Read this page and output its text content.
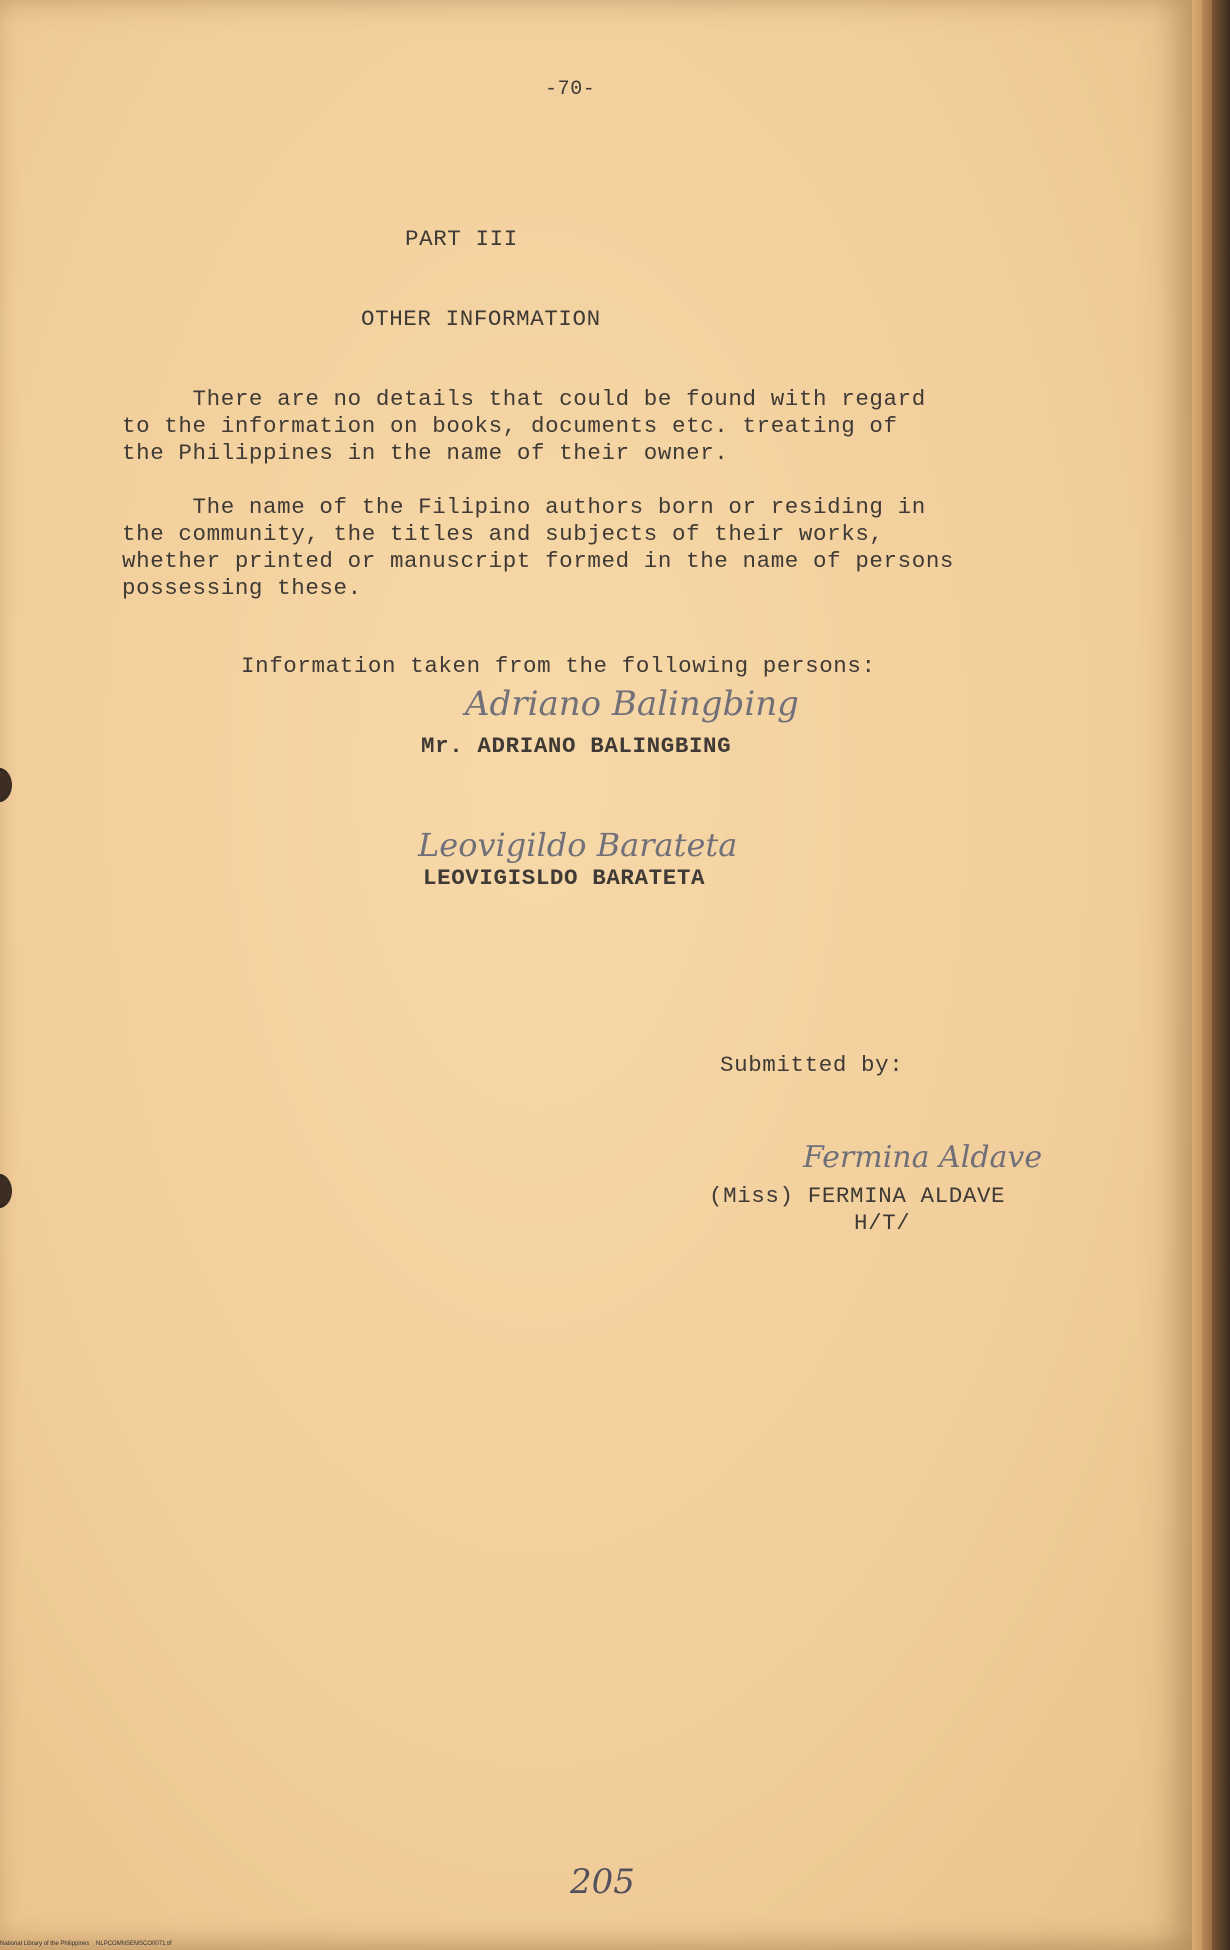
-70-
PART III
OTHER INFORMATION
There are no details that could be found with regard
to the information on books, documents etc. treating of
the Philippines in the name of their owner.
The name of the Filipino authors born or residing in
the community, the titles and subjects of their works,
whether printed or manuscript formed in the name of persons
possessing these.
Information taken from the following persons:
Adriano Balingbing
Mr. ADRIANO BALINGBING
Leovigildo Barateta
LEOVIGISLDO BARATETA
Submitted by:
Fermina Aldave
(Miss) FERMINA ALDAVE
H/T/
205
National Library of the Philippines    NLPCOMNSEMSCO0071.tif
